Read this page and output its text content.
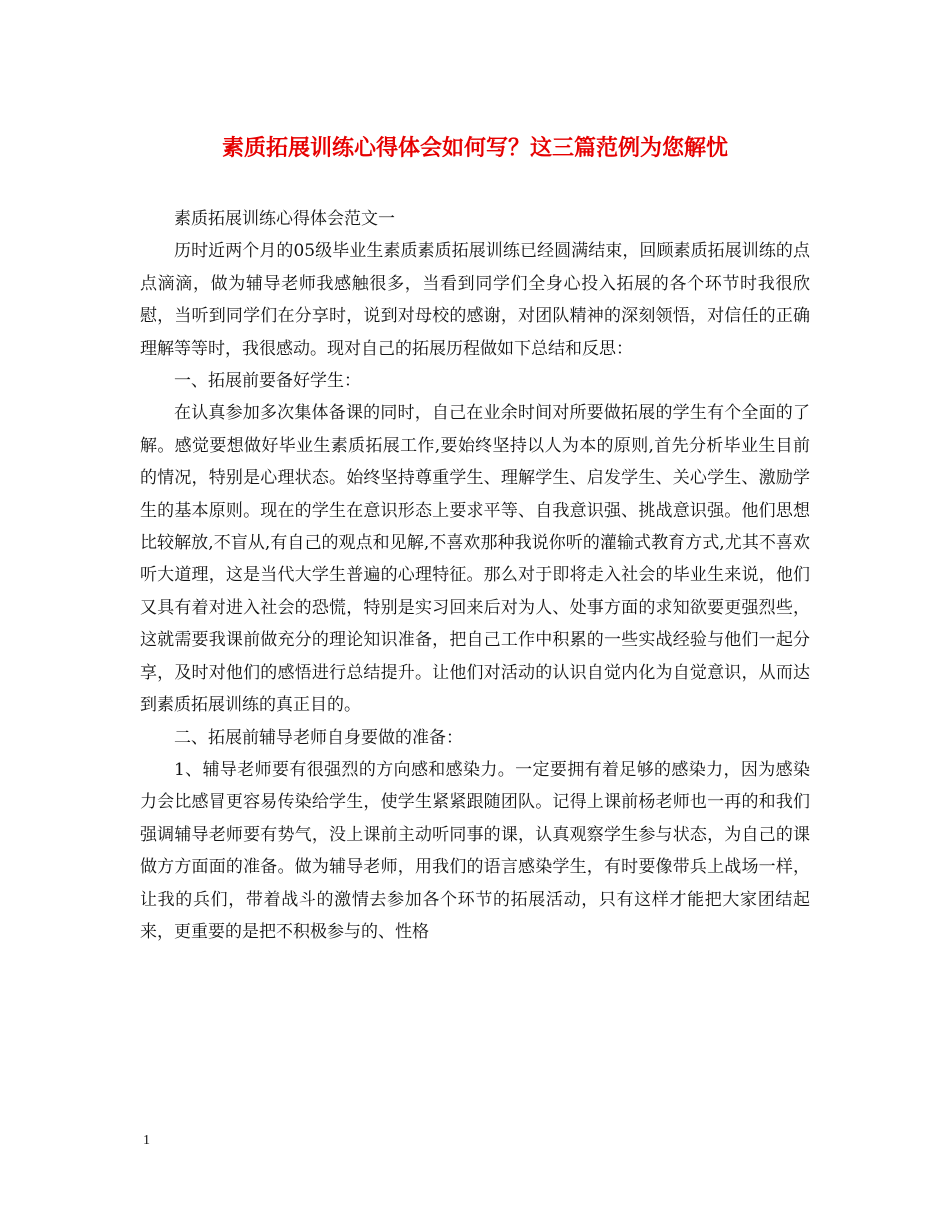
素质拓展训练心得体会如何写？这三篇范例为您解忧

素质拓展训练心得体会范文一

历时近两个月的05级毕业生素质素质拓展训练已经圆满结束，回顾素质拓展训练的点点滴滴，做为辅导老师我感触很多，当看到同学们全身心投入拓展的各个环节时我很欣慰，当听到同学们在分享时，说到对母校的感谢，对团队精神的深刻领悟，对信任的正确理解等等时，我很感动。现对自己的拓展历程做如下总结和反思：

一、拓展前要备好学生：

在认真参加多次集体备课的同时，自己在业余时间对所要做拓展的学生有个全面的了解。感觉要想做好毕业生素质拓展工作,要始终坚持以人为本的原则,首先分析毕业生目前的情况，特别是心理状态。始终坚持尊重学生、理解学生、启发学生、关心学生、激励学生的基本原则。现在的学生在意识形态上要求平等、自我意识强、挑战意识强。他们思想比较解放,不盲从,有自己的观点和见解,不喜欢那种我说你听的灌输式教育方式,尤其不喜欢听大道理，这是当代大学生普遍的心理特征。那么对于即将走入社会的毕业生来说，他们又具有着对进入社会的恐慌，特别是实习回来后对为人、处事方面的求知欲要更强烈些，这就需要我课前做充分的理论知识准备，把自己工作中积累的一些实战经验与他们一起分享，及时对他们的感悟进行总结提升。让他们对活动的认识自觉内化为自觉意识，从而达到素质拓展训练的真正目的。

二、拓展前辅导老师自身要做的准备：

1、辅导老师要有很强烈的方向感和感染力。一定要拥有着足够的感染力，因为感染力会比感冒更容易传染给学生，使学生紧紧跟随团队。记得上课前杨老师也一再的和我们强调辅导老师要有势气，没上课前主动听同事的课，认真观察学生参与状态，为自己的课做方方面面的准备。做为辅导老师，用我们的语言感染学生，有时要像带兵上战场一样，让我的兵们，带着战斗的激情去参加各个环节的拓展活动，只有这样才能把大家团结起来，更重要的是把不积极参与的、性格

1
